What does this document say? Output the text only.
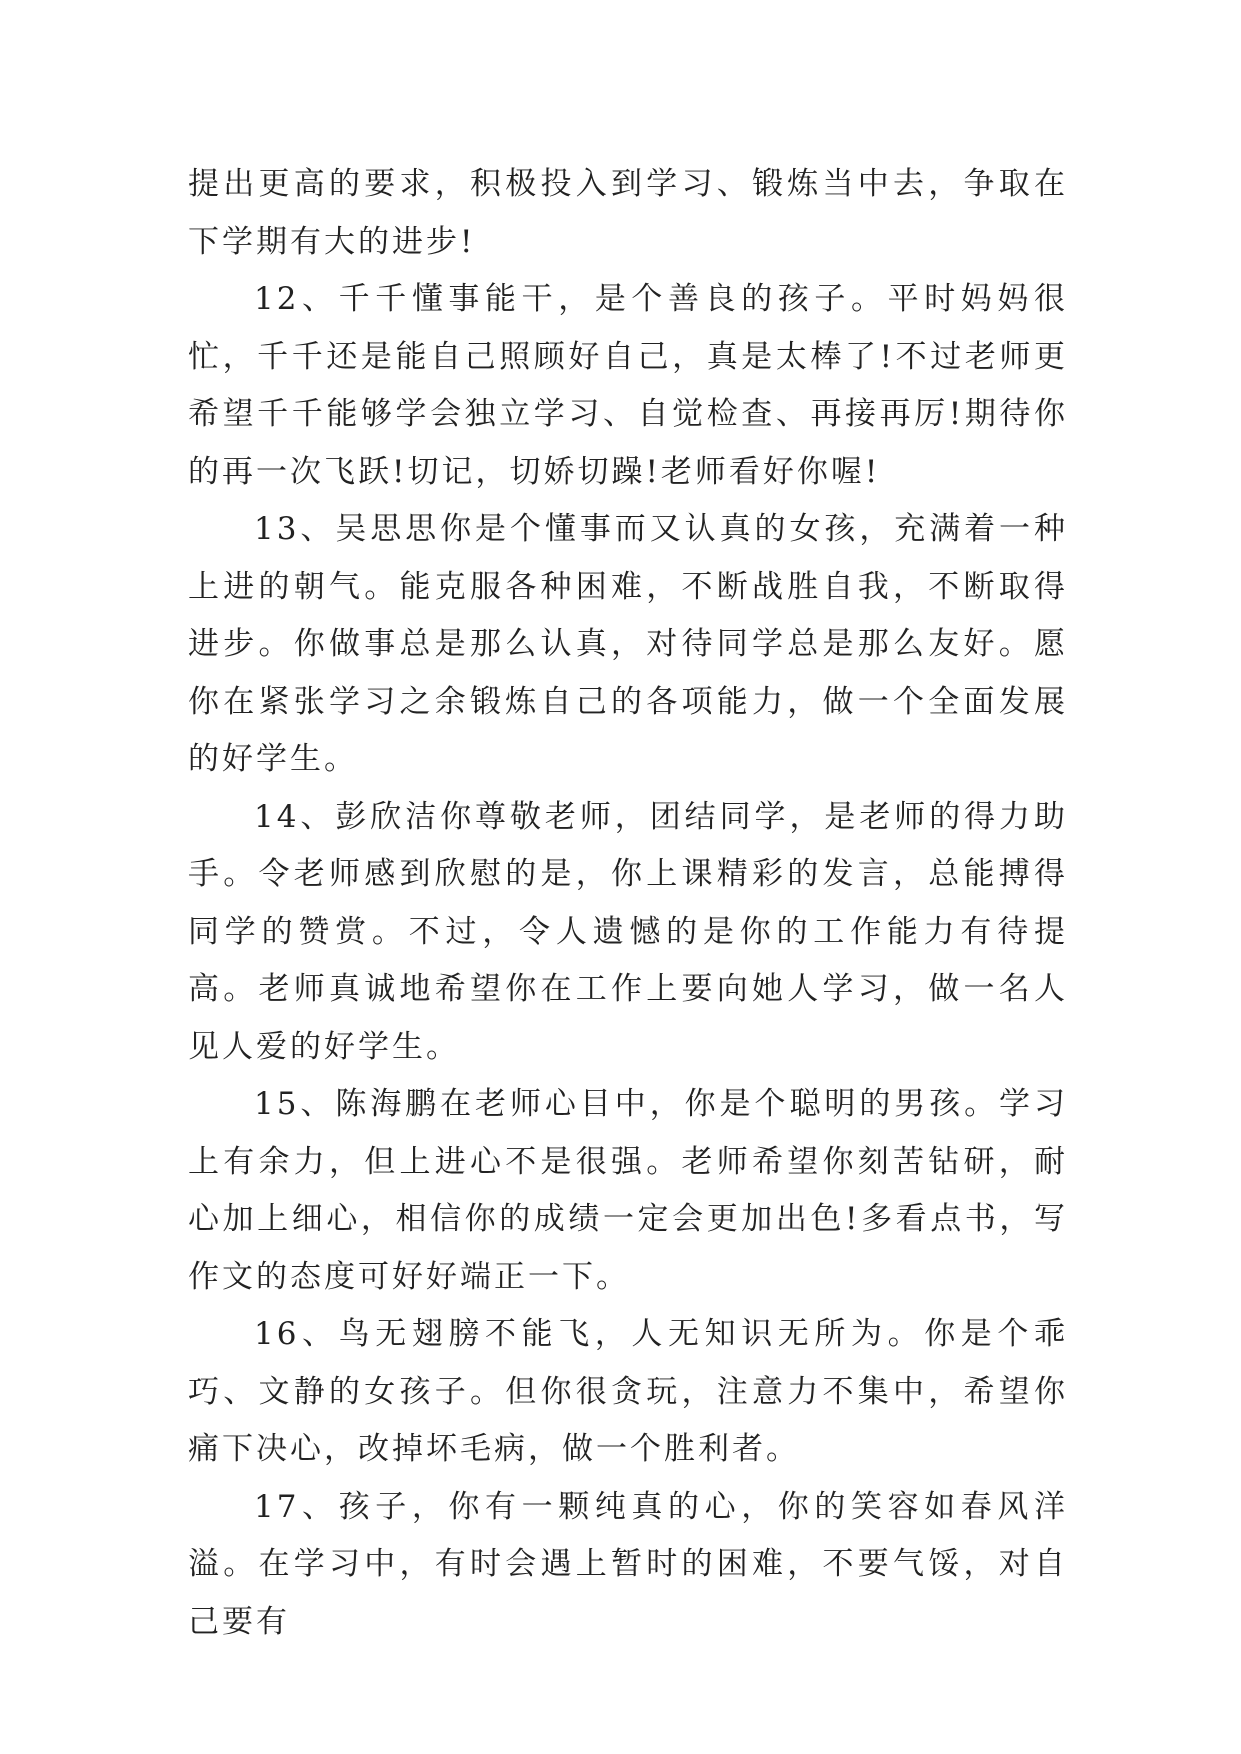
提出更高的要求，积极投入到学习、锻炼当中去，争取在下学期有大的进步!

12、千千懂事能干，是个善良的孩子。平时妈妈很忙，千千还是能自己照顾好自己，真是太棒了!不过老师更希望千千能够学会独立学习、自觉检查、再接再厉!期待你的再一次飞跃!切记，切娇切躁!老师看好你喔!

13、吴思思你是个懂事而又认真的女孩，充满着一种上进的朝气。能克服各种困难，不断战胜自我，不断取得进步。你做事总是那么认真，对待同学总是那么友好。愿你在紧张学习之余锻炼自己的各项能力，做一个全面发展的好学生。

14、彭欣洁你尊敬老师，团结同学，是老师的得力助手。令老师感到欣慰的是，你上课精彩的发言，总能搏得同学的赞赏。不过，令人遗憾的是你的工作能力有待提高。老师真诚地希望你在工作上要向她人学习，做一名人见人爱的好学生。

15、陈海鹏在老师心目中，你是个聪明的男孩。学习上有余力，但上进心不是很强。老师希望你刻苦钻研，耐心加上细心，相信你的成绩一定会更加出色!多看点书，写作文的态度可好好端正一下。

16、鸟无翅膀不能飞，人无知识无所为。你是个乖巧、文静的女孩子。但你很贪玩，注意力不集中，希望你痛下决心，改掉坏毛病，做一个胜利者。

17、孩子，你有一颗纯真的心，你的笑容如春风洋溢。在学习中，有时会遇上暂时的困难，不要气馁，对自己要有
